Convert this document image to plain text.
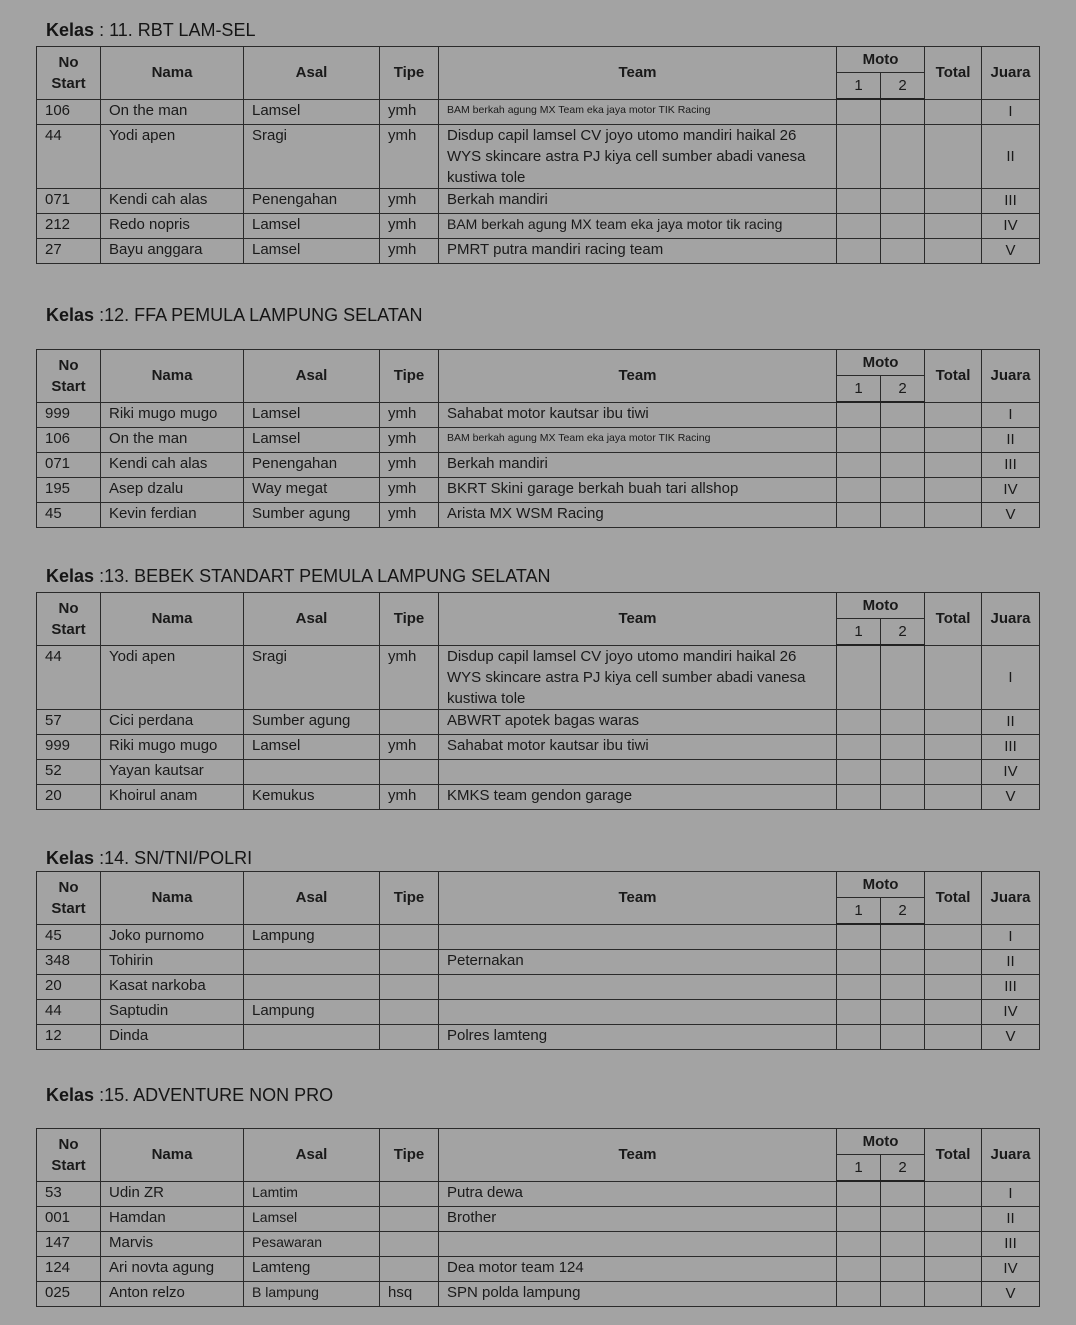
Kelas : 11. RBT LAM-SEL
No
Start	Nama	Asal	Tipe	Team	Moto		Total	Juara
					1	2		
106	On the man	Lamsel	ymh	BAM berkah agung MX Team eka jaya motor TIK Racing				I
44	Yodi apen	Sragi	ymh	Disdup capil lamsel CV joyo utomo mandiri haikal 26 WYS skincare astra PJ kiya cell sumber abadi vanesa kustiwa tole				II
071	Kendi cah alas	Penengahan	ymh	Berkah mandiri				III
212	Redo nopris	Lamsel	ymh	BAM berkah agung MX team eka jaya motor tik racing				IV
27	Bayu anggara	Lamsel	ymh	PMRT putra mandiri racing team				V
Kelas :12. FFA PEMULA LAMPUNG SELATAN
No
Start	Nama	Asal	Tipe	Team	Moto		Total	Juara
					1	2		
999	Riki mugo mugo	Lamsel	ymh	Sahabat motor kautsar ibu tiwi				I
106	On the man	Lamsel	ymh	BAM berkah agung MX Team eka jaya motor TIK Racing				II
071	Kendi cah alas	Penengahan	ymh	Berkah mandiri				III
195	Asep dzalu	Way megat	ymh	BKRT Skini garage berkah buah tari allshop				IV
45	Kevin ferdian	Sumber agung	ymh	Arista MX WSM Racing				V
Kelas :13. BEBEK STANDART PEMULA LAMPUNG SELATAN
No
Start	Nama	Asal	Tipe	Team	Moto		Total	Juara
					1	2		
44	Yodi apen	Sragi	ymh	Disdup capil lamsel CV joyo utomo mandiri haikal 26 WYS skincare astra PJ kiya cell sumber abadi vanesa kustiwa tole				I
57	Cici perdana	Sumber agung		ABWRT apotek bagas waras				II
999	Riki mugo mugo	Lamsel	ymh	Sahabat motor kautsar ibu tiwi				III
52	Yayan kautsar							IV
20	Khoirul anam	Kemukus	ymh	KMKS team gendon garage				V
Kelas :14. SN/TNI/POLRI
No
Start	Nama	Asal	Tipe	Team	Moto		Total	Juara
					1	2		
45	Joko purnomo	Lampung						I
348	Tohirin			Peternakan				II
20	Kasat narkoba							III
44	Saptudin	Lampung						IV
12	Dinda			Polres lamteng				V
Kelas :15. ADVENTURE NON PRO
No
Start	Nama	Asal	Tipe	Team	Moto		Total	Juara
					1	2		
53	Udin ZR	Lamtim		Putra dewa				I
001	Hamdan	Lamsel		Brother				II
147	Marvis	Pesawaran						III
124	Ari novta agung	Lamteng		Dea motor team 124				IV
025	Anton relzo	B lampung	hsq	SPN polda lampung				V
